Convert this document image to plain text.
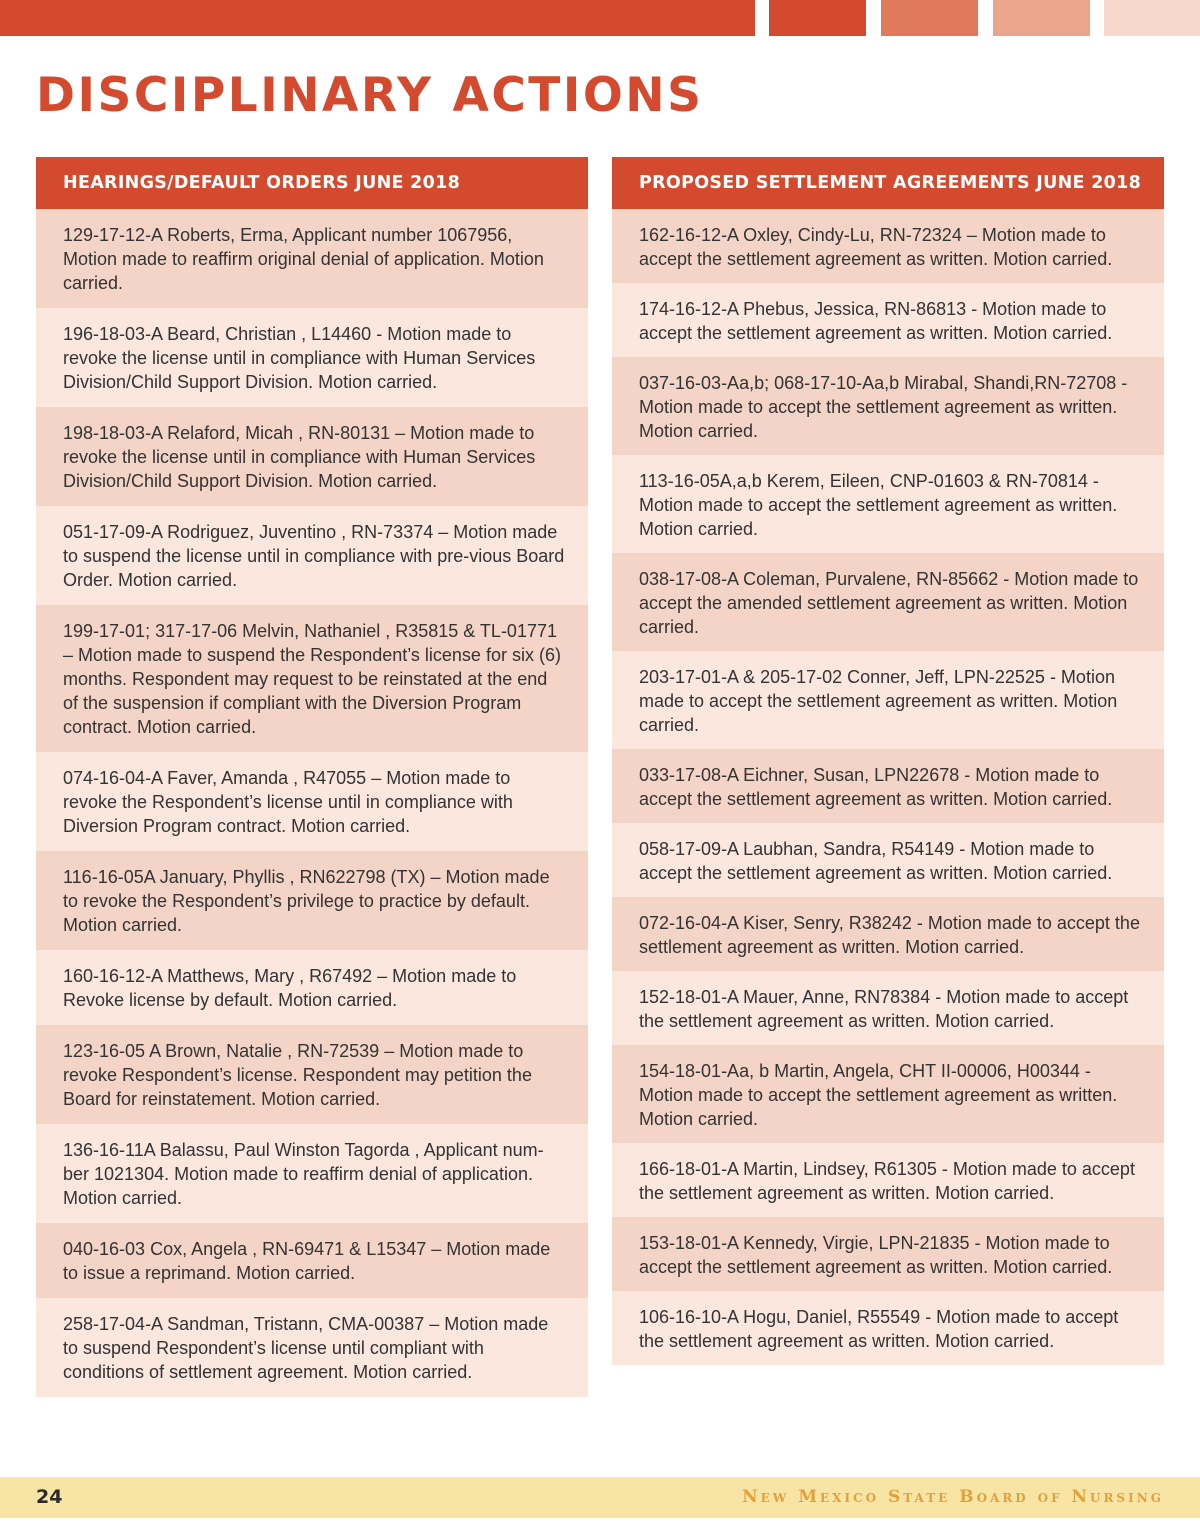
DISCIPLINARY ACTIONS
HEARINGS/DEFAULT ORDERS JUNE 2018
129-17-12-A Roberts, Erma, Applicant number 1067956, Motion made to reaffirm original denial of application. Motion carried.
196-18-03-A Beard, Christian , L14460 - Motion made to revoke the license until in compliance with Human Services Division/Child Support Division. Motion carried.
198-18-03-A Relaford, Micah , RN-80131 – Motion made to revoke the license until in compliance with Human Services Division/Child Support Division. Motion carried.
051-17-09-A Rodriguez, Juventino , RN-73374 – Motion made to suspend the license until in compliance with pre-vious Board Order. Motion carried.
199-17-01; 317-17-06 Melvin, Nathaniel , R35815 & TL-01771 – Motion made to suspend the Respondent’s license for six (6) months. Respondent may request to be reinstated at the end of the suspension if compliant with the Diversion Program contract. Motion carried.
074-16-04-A Faver, Amanda , R47055 – Motion made to revoke the Respondent’s license until in compliance with Diversion Program contract. Motion carried.
116-16-05A January, Phyllis , RN622798 (TX) – Motion made to revoke the Respondent’s privilege to practice by default. Motion carried.
160-16-12-A Matthews, Mary , R67492 – Motion made to Revoke license by default. Motion carried.
123-16-05 A Brown, Natalie , RN-72539 – Motion made to revoke Respondent’s license. Respondent may petition the Board for reinstatement. Motion carried.
136-16-11A Balassu, Paul Winston Tagorda , Applicant num-ber 1021304. Motion made to reaffirm denial of application. Motion carried.
040-16-03 Cox, Angela , RN-69471 & L15347 – Motion made to issue a reprimand. Motion carried.
258-17-04-A Sandman, Tristann, CMA-00387 – Motion made to suspend Respondent’s license until compliant with conditions of settlement agreement. Motion carried.
PROPOSED SETTLEMENT AGREEMENTS JUNE 2018
162-16-12-A Oxley, Cindy-Lu, RN-72324 – Motion made to accept the settlement agreement as written. Motion carried.
174-16-12-A Phebus, Jessica, RN-86813 - Motion made to accept the settlement agreement as written. Motion carried.
037-16-03-Aa,b; 068-17-10-Aa,b Mirabal, Shandi,RN-72708 - Motion made to accept the settlement agreement as written. Motion carried.
113-16-05A,a,b Kerem, Eileen, CNP-01603 & RN-70814 - Motion made to accept the settlement agreement as written. Motion carried.
038-17-08-A Coleman, Purvalene, RN-85662 - Motion made to accept the amended settlement agreement as written. Motion carried.
203-17-01-A & 205-17-02 Conner, Jeff, LPN-22525 - Motion made to accept the settlement agreement as written. Motion carried.
033-17-08-A Eichner, Susan, LPN22678 - Motion made to accept the settlement agreement as written. Motion carried.
058-17-09-A Laubhan, Sandra, R54149 - Motion made to accept the settlement agreement as written. Motion carried.
072-16-04-A Kiser, Senry, R38242 - Motion made to accept the settlement agreement as written. Motion carried.
152-18-01-A Mauer, Anne, RN78384 - Motion made to accept the settlement agreement as written. Motion carried.
154-18-01-Aa, b Martin, Angela, CHT II-00006, H00344 - Motion made to accept the settlement agreement as written. Motion carried.
166-18-01-A Martin, Lindsey, R61305 - Motion made to accept the settlement agreement as written. Motion carried.
153-18-01-A Kennedy, Virgie, LPN-21835 - Motion made to accept the settlement agreement as written. Motion carried.
106-16-10-A Hogu, Daniel, R55549 - Motion made to accept the settlement agreement as written. Motion carried.
24	New Mexico State Board of Nursing
